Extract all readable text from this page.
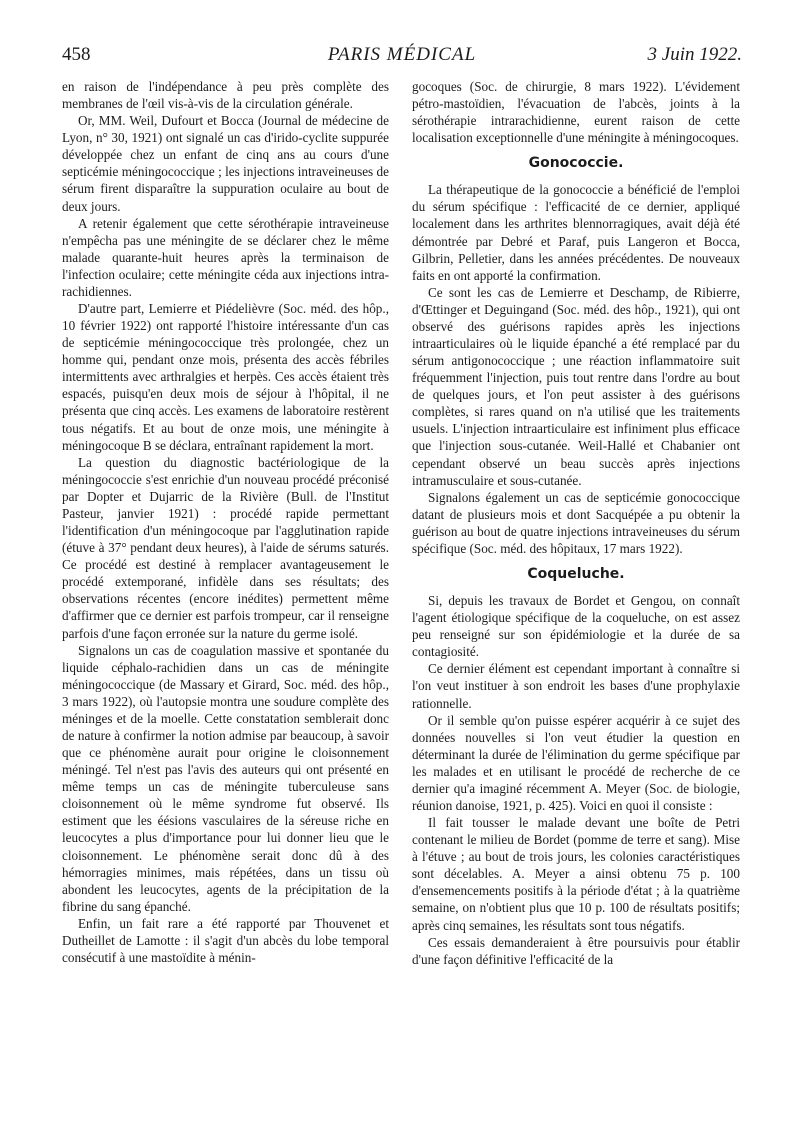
458	PARIS MÉDICAL	3 Juin 1922.

en raison de l'indépendance à peu près complète des membranes de l'œil vis-à-vis de la circulation générale.

Or, MM. Weil, Dufourt et Bocca (Journal de médecine de Lyon, n° 30, 1921) ont signalé un cas d'irido-cyclite suppurée développée chez un enfant de cinq ans au cours d'une septicémie méningococcique ; les injections intraveineuses de sérum firent disparaître la suppuration oculaire au bout de deux jours.

A retenir également que cette sérothérapie intraveineuse n'empêcha pas une méningite de se déclarer chez le même malade quarante-huit heures après la terminaison de l'infection oculaire; cette méningite céda aux injections intra-rachidiennes.

D'autre part, Lemierre et Piédelièvre (Soc. méd. des hôp., 10 février 1922) ont rapporté l'histoire intéressante d'un cas de septicémie méningococcique très prolongée, chez un homme qui, pendant onze mois, présenta des accès fébriles intermittents avec arthralgies et herpès. Ces accès étaient très espacés, puisqu'en deux mois de séjour à l'hôpital, il ne présenta que cinq accès. Les examens de laboratoire restèrent tous négatifs. Et au bout de onze mois, une méningite à méningocoque B se déclara, entraînant rapidement la mort.

La question du diagnostic bactériologique de la méningococcie s'est enrichie d'un nouveau procédé préconisé par Dopter et Dujarric de la Rivière (Bull. de l'Institut Pasteur, janvier 1921) : procédé rapide permettant l'identification d'un méningocoque par l'agglutination rapide (étuve à 37° pendant deux heures), à l'aide de sérums saturés. Ce procédé est destiné à remplacer avantageusement le procédé extemporané, infidèle dans ses résultats; des observations récentes (encore inédites) permettent même d'affirmer que ce dernier est parfois trompeur, car il renseigne parfois d'une façon erronée sur la nature du germe isolé.

Signalons un cas de coagulation massive et spontanée du liquide céphalo-rachidien dans un cas de méningite méningococcique (de Massary et Girard, Soc. méd. des hôp., 3 mars 1922), où l'autopsie montra une soudure complète des méninges et de la moelle. Cette constatation semblerait donc de nature à confirmer la notion admise par beaucoup, à savoir que ce phénomène aurait pour origine le cloisonnement méningé. Tel n'est pas l'avis des auteurs qui ont présenté en même temps un cas de méningite tuberculeuse sans cloisonnement où le même syndrome fut observé. Ils estiment que les éésions vasculaires de la séreuse riche en leucocytes a plus d'importance pour lui donner lieu que le cloisonnement. Le phénomène serait donc dû à des hémorragies minimes, mais répétées, dans un tissu où abondent les leucocytes, agents de la précipitation de la fibrine du sang épanché.

Enfin, un fait rare a été rapporté par Thouvenet et Dutheillet de Lamotte : il s'agit d'un abcès du lobe temporal consécutif à une mastoïdite à ménin-

gocoques (Soc. de chirurgie, 8 mars 1922). L'évidement pétro-mastoïdien, l'évacuation de l'abcès, joints à la sérothérapie intrarachidienne, eurent raison de cette localisation exceptionnelle d'une méningite à méningocoques.

Gonococcie.

La thérapeutique de la gonococcie a bénéficié de l'emploi du sérum spécifique : l'efficacité de ce dernier, appliqué localement dans les arthrites blennorragiques, avait déjà été démontrée par Debré et Paraf, puis Langeron et Bocca, Gilbrin, Pelletier, dans les années précédentes. De nouveaux faits en ont apporté la confirmation.

Ce sont les cas de Lemierre et Deschamp, de Ribierre, d'Œttinger et Deguingand (Soc. méd. des hôp., 1921), qui ont observé des guérisons rapides après les injections intraarticulaires où le liquide épanché a été remplacé par du sérum antigonococcique ; une réaction inflammatoire suit fréquemment l'injection, puis tout rentre dans l'ordre au bout de quelques jours, et l'on peut assister à des guérisons complètes, si rares quand on n'a utilisé que les traitements usuels. L'injection intraarticulaire est infiniment plus efficace que l'injection sous-cutanée. Weil-Hallé et Chabanier ont cependant observé un beau succès après injections intramusculaire et sous-cutanée.

Signalons également un cas de septicémie gonococcique datant de plusieurs mois et dont Sacquépée a pu obtenir la guérison au bout de quatre injections intraveineuses du sérum spécifique (Soc. méd. des hôpitaux, 17 mars 1922).

Coqueluche.

Si, depuis les travaux de Bordet et Gengou, on connaît l'agent étiologique spécifique de la coqueluche, on est assez peu renseigné sur son épidémiologie et la durée de sa contagiosité.

Ce dernier élément est cependant important à connaître si l'on veut instituer à son endroit les bases d'une prophylaxie rationnelle.

Or il semble qu'on puisse espérer acquérir à ce sujet des données nouvelles si l'on veut étudier la question en déterminant la durée de l'élimination du germe spécifique par les malades et en utilisant le procédé de recherche de ce dernier qu'a imaginé récemment A. Meyer (Soc. de biologie, réunion danoise, 1921, p. 425). Voici en quoi il consiste :

Il fait tousser le malade devant une boîte de Petri contenant le milieu de Bordet (pomme de terre et sang). Mise à l'étuve ; au bout de trois jours, les colonies caractéristiques sont décelables. A. Meyer a ainsi obtenu 75 p. 100 d'ensemencements positifs à la période d'état ; à la quatrième semaine, on n'obtient plus que 10 p. 100 de résultats positifs; après cinq semaines, les résultats sont tous négatifs.

Ces essais demanderaient à être poursuivis pour établir d'une façon définitive l'efficacité de la
